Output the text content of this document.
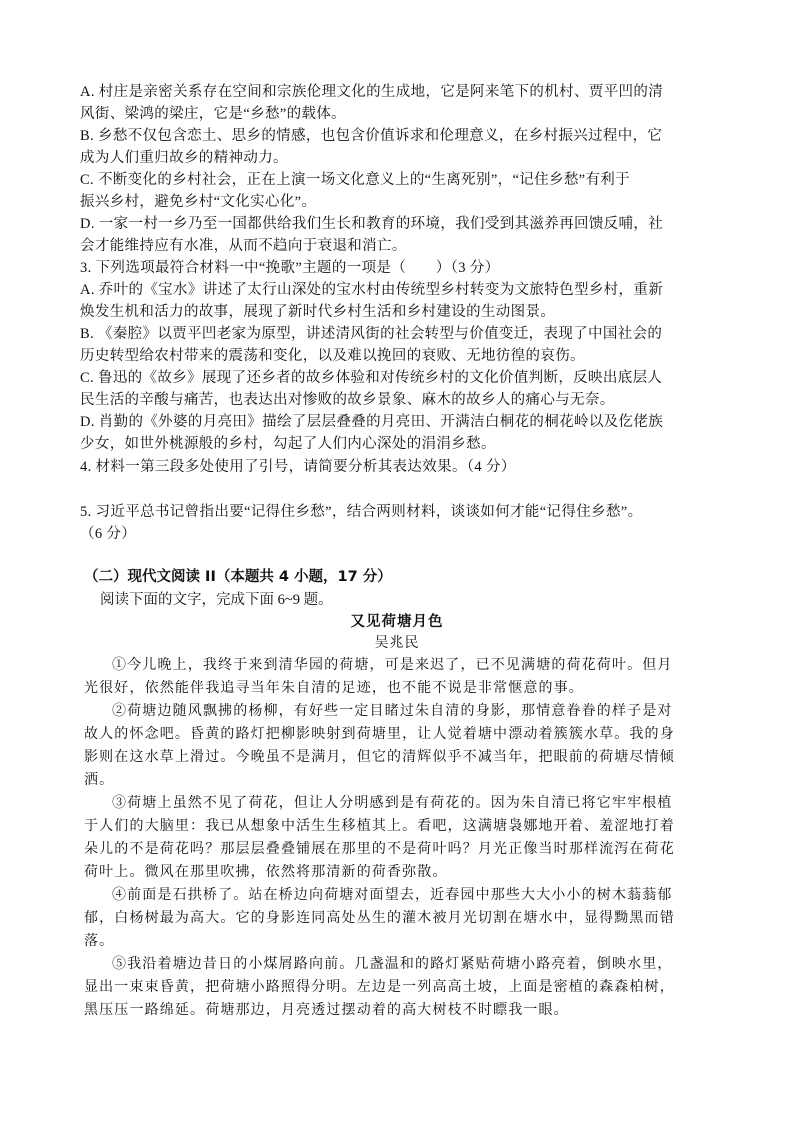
A. 村庄是亲密关系存在空间和宗族伦理文化的生成地，它是阿来笔下的机村、贾平凹的清
风街、梁鸿的梁庄，它是“乡愁”的载体。
B. 乡愁不仅包含恋土、思乡的情感，也包含价值诉求和伦理意义，在乡村振兴过程中，它
成为人们重归故乡的精神动力。
C. 不断变化的乡村社会，正在上演一场文化意义上的“生离死别”，“记住乡愁”有利于
振兴乡村，避免乡村“文化实心化”。
D. 一家一村一乡乃至一国都供给我们生长和教育的环境，我们受到其滋养再回馈反哺，社
会才能维持应有水准，从而不趋向于衰退和消亡。
3. 下列选项最符合材料一中“挽歌”主题的一项是（　　）（3 分）
A. 乔叶的《宝水》讲述了太行山深处的宝水村由传统型乡村转变为文旅特色型乡村，重新
焕发生机和活力的故事，展现了新时代乡村生活和乡村建设的生动图景。
B. 《秦腔》以贾平凹老家为原型，讲述清风街的社会转型与价值变迁，表现了中国社会的
历史转型给农村带来的震荡和变化，以及难以挽回的衰败、无地彷徨的哀伤。
C. 鲁迅的《故乡》展现了还乡者的故乡体验和对传统乡村的文化价值判断，反映出底层人
民生活的辛酸与痛苦，也表达出对惨败的故乡景象、麻木的故乡人的痛心与无奈。
D. 肖勤的《外婆的月亮田》描绘了层层叠叠的月亮田、开满洁白桐花的桐花岭以及仡佬族
少女，如世外桃源般的乡村，勾起了人们内心深处的涓涓乡愁。
4. 材料一第三段多处使用了引号，请简要分析其表达效果。（4 分）
5. 习近平总书记曾指出要“记得住乡愁”，结合两则材料，谈谈如何才能“记得住乡愁”。
（6 分）
（二）现代文阅读 II（本题共 4 小题，17 分）
阅读下面的文字，完成下面 6~9 题。
又见荷塘月色
吴兆民
①今儿晚上，我终于来到清华园的荷塘，可是来迟了，已不见满塘的荷花荷叶。但月
光很好，依然能伴我追寻当年朱自清的足迹，也不能不说是非常惬意的事。
②荷塘边随风飘拂的杨柳，有好些一定目睹过朱自清的身影，那情意眷眷的样子是对
故人的怀念吧。昏黄的路灯把柳影映射到荷塘里，让人觉着塘中漂动着簇簇水草。我的身
影则在这水草上滑过。今晚虽不是满月，但它的清辉似乎不减当年，把眼前的荷塘尽情倾
洒。
③荷塘上虽然不见了荷花，但让人分明感到是有荷花的。因为朱自清已将它牢牢根植
于人们的大脑里：我已从想象中活生生移植其上。看吧，这满塘袅娜地开着、羞涩地打着
朵儿的不是荷花吗？那层层叠叠铺展在那里的不是荷叶吗？月光正像当时那样流泻在荷花
荷叶上。微风在那里吹拂，依然将那清新的荷香弥散。
④前面是石拱桥了。站在桥边向荷塘对面望去，近春园中那些大大小小的树木蓊蓊郁
郁，白杨树最为高大。它的身影连同高处丛生的灌木被月光切割在塘水中，显得黝黑而错
落。
⑤我沿着塘边昔日的小煤屑路向前。几盏温和的路灯紧贴荷塘小路亮着，倒映水里，
显出一束束昏黄，把荷塘小路照得分明。左边是一列高高土坡，上面是密植的森森柏树，
黑压压一路绵延。荷塘那边，月亮透过摆动着的高大树枝不时瞟我一眼。
